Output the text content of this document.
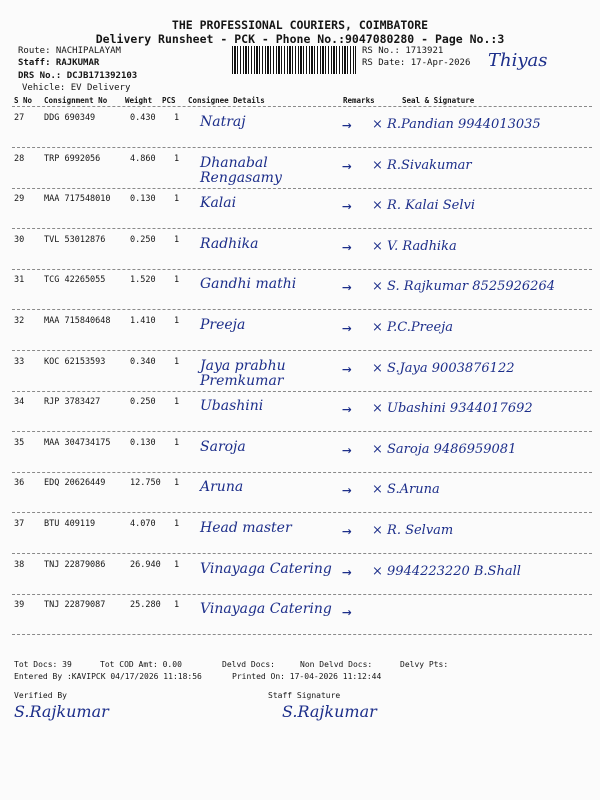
THE PROFESSIONAL COURIERS, COIMBATORE
Delivery Runsheet - PCK - Phone No.:9047080280 - Page No.:3
Route: NACHIPALAYAM
Staff: RAJKUMAR
DRS No.: DCJB171392103
Vehicle: EV Delivery
RS No.: 1713921
RS Date: 17-Apr-2026 Thiyas
S No Consignment No Weight PCS Consignee Details	Remarks	Seal & Signature
27 DDG 690349	0.430 1 Natraj	→ × R.Pandian 9944013035
28 TRP 6992056	4.860 1 Dhanabal Rengasamy
→ × R.Sivakumar
29 MAA 717548010 0.130 1 Kalai	→ × R. Kalai Selvi
30 TVL 53012876	0.250 1 Radhika	→ × V. Radhika
31 TCG 42265055	1.520 1 Gandhi mathi	→ × S. Rajkumar 8525926264
32 MAA 715840648 1.410 1 Preeja	→ × P.C.Preeja
33 KOC 62153593	0.340 1 Jaya prabhu Premkumar
→ × S.Jaya 9003876122
34 RJP 3783427	0.250 1 Ubashini	→ × Ubashini 9344017692
35 MAA 304734175 0.130 1 Saroja	→ × Saroja 9486959081
36 EDQ 20626449	12.750 1 Aruna	→ × S.Aruna
37 BTU 409119	4.070 1 Head master	→ × R. Selvam
38 TNJ 22879086	26.940 1 Vinayaga Catering → × 9944223220 B.Shall
39 TNJ 22879087	25.280 1 Vinayaga Catering →
Tot Docs: 39	Tot COD Amt: 0.00	Delvd Docs:	Non Delvd Docs:	Delvy Pts:
Entered By :KAVIPCK 04/17/2026 11:18:56	Printed On: 17-04-2026 11:12:44
Verified By	Staff Signature
S.Rajkumar	S.Rajkumar
